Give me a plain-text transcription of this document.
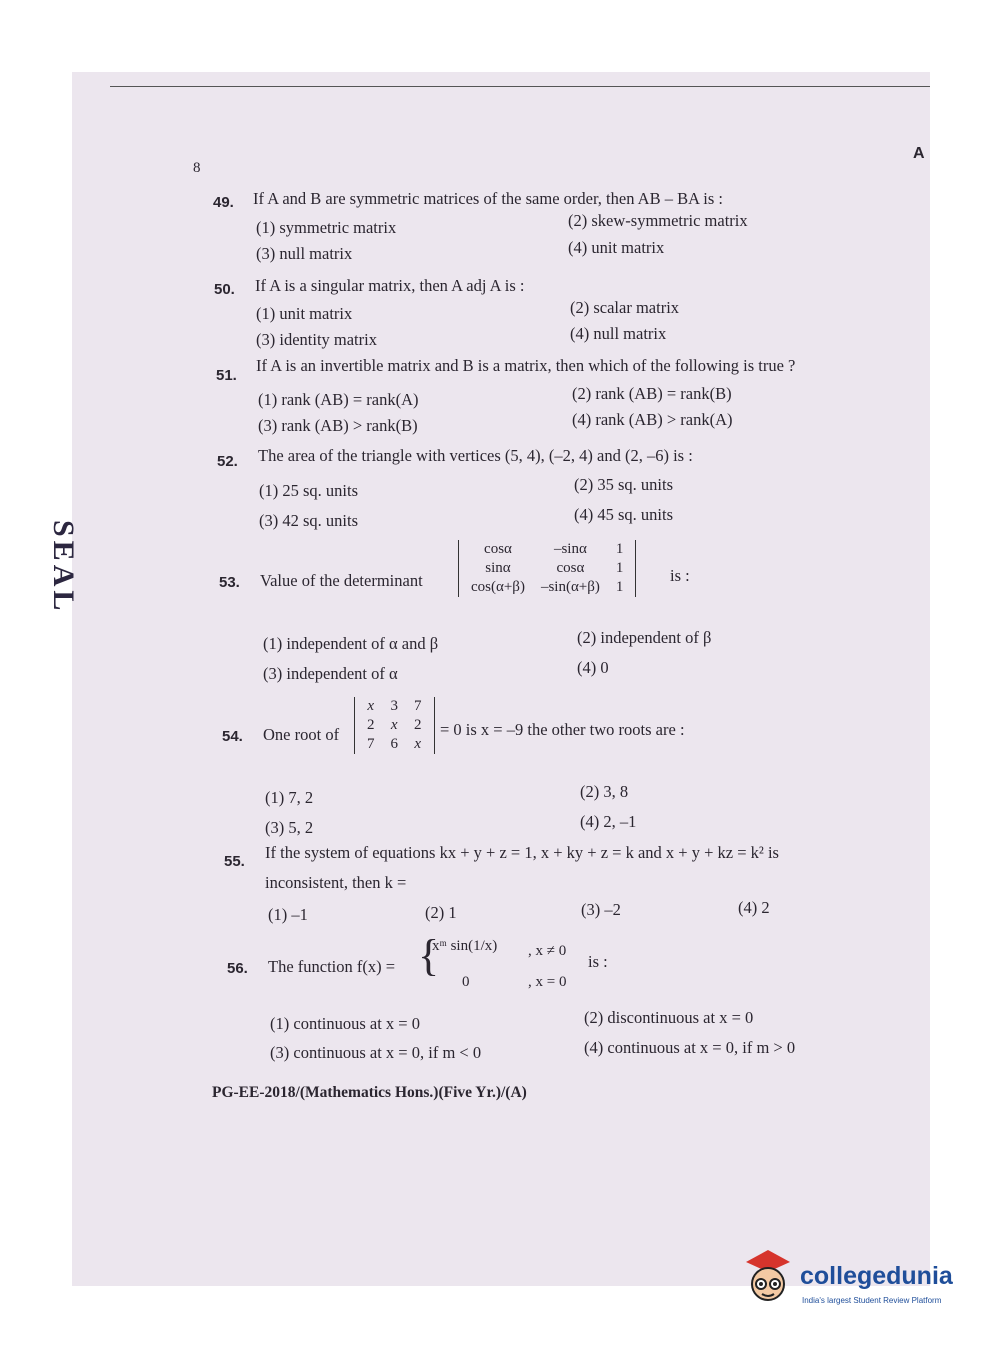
8
A
SEAL
49. If A and B are symmetric matrices of the same order, then AB – BA is :
(1) symmetric matrix	(2) skew-symmetric matrix
(3) null matrix	(4) unit matrix
50. If A is a singular matrix, then A adj A is :
(1) unit matrix	(2) scalar matrix
(3) identity matrix	(4) null matrix
51.
If A is an invertible matrix and B is a matrix, then which of the following is true ?
(1) rank (AB) = rank(A)	(2) rank (AB) = rank(B)
(3) rank (AB) > rank(B)	(4) rank (AB) > rank(A)
52. The area of the triangle with vertices (5, 4), (–2, 4) and (2, –6) is :
(1) 25 sq. units	(2) 35 sq. units
(3) 42 sq. units	(4) 45 sq. units
53. Value of the determinant
cosα	–sinα	1
sinα	cosα	1
cos(α+β)	–sin(α+β)	1
is :
(1) independent of α and β	(2) independent of β
(3) independent of α	(4) 0
54. One root of
x	3	7
2	x	2
7	6	x
= 0 is x = –9 the other two roots are :
(1) 7, 2	(2) 3, 8
(3) 5, 2	(4) 2, –1
55. If the system of equations kx + y + z = 1, x + ky + z = k and x + y + kz = k² is
inconsistent, then k =
(1) –1	(2) 1	(3) –2	(4) 2
56. The function f(x) = {
xᵐ sin(1/x) , x ≠ 0
0	, x = 0
is :
(1) continuous at x = 0	(2) discontinuous at x = 0
(3) continuous at x = 0, if m < 0	(4) continuous at x = 0, if m > 0
PG-EE-2018/(Mathematics Hons.)(Five Yr.)/(A)
collegedunia
India's largest Student Review Platform
